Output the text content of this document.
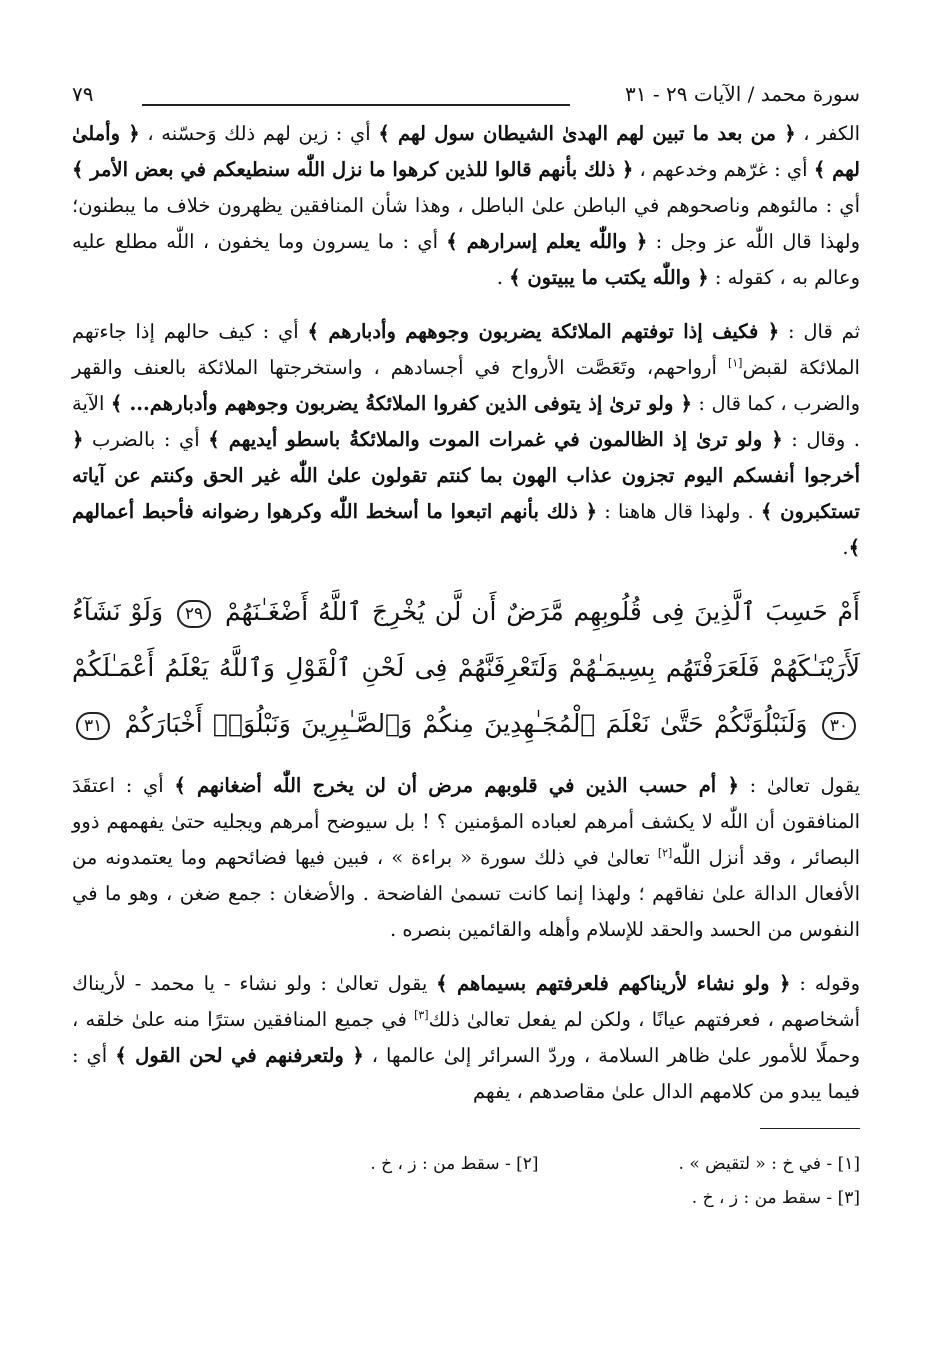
سورة محمد / الآيات ٢٩ - ٣١
٧٩

الكفر ، ﴿ من بعد ما تبين لهم الهدىٰ الشيطان سول لهم ﴾ أي : زين لهم ذلك وَحسّنه ، ﴿ وأملىٰ لهم ﴾ أي : غرّهم وخدعهم ، ﴿ ذلك بأنهم قالوا للذين كرهوا ما نزل اللّٰه سنطيعكم في بعض الأمر ﴾ أي : مالئوهم وناصحوهم في الباطن علىٰ الباطل ، وهذا شأن المنافقين يظهرون خلاف ما يبطنون؛ ولهذا قال اللّٰه عز وجل : ﴿ واللّٰه يعلم إسرارهم ﴾ أي : ما يسرون وما يخفون ، اللّٰه مطلع عليه وعالم به ، كقوله : ﴿ واللّٰه يكتب ما يبيتون ﴾ .

ثم قال : ﴿ فكيف إذا توفتهم الملائكة يضربون وجوههم وأدبارهم ﴾ أي : كيف حالهم إذا جاءتهم الملائكة لقبض[١] أرواحهم، وتَعَصَّت الأرواح في أجسادهم ، واستخرجتها الملائكة بالعنف والقهر والضرب ، كما قال : ﴿ ولو ترىٰ إذ يتوفى الذين كفروا الملائكةُ يضربون وجوههم وأدبارهم... ﴾ الآية . وقال : ﴿ ولو ترىٰ إذ الظالمون في غمرات الموت والملائكةُ باسطو أيديهم ﴾ أي : بالضرب ﴿ أخرجوا أنفسكم اليوم تجزون عذاب الهون بما كنتم تقولون علىٰ اللّٰه غير الحق وكنتم عن آياته تستكبرون ﴾ . ولهذا قال هاهنا : ﴿ ذلك بأنهم اتبعوا ما أسخط اللّٰه وكرهوا رضوانه فأحبط أعمالهم ﴾.

أَمْ حَسِبَ ٱلَّذِينَ فِى قُلُوبِهِم مَّرَضٌ أَن لَّن يُخْرِجَ ٱللَّهُ أَضْغَـٰنَهُمْ ٢٩ وَلَوْ نَشَآءُ
لَأَرَيْنَـٰكَهُمْ فَلَعَرَفْتَهُم بِسِيمَـٰهُمْ وَلَتَعْرِفَنَّهُمْ فِى لَحْنِ ٱلْقَوْلِ وَٱللَّهُ يَعْلَمُ أَعْمَـٰلَكُمْ
٣٠ وَلَنَبْلُوَنَّكُمْ حَتَّىٰ نَعْلَمَ ٱلْمُجَـٰهِدِينَ مِنكُمْ وَٱلصَّـٰبِرِينَ وَنَبْلُوَا۟ أَخْبَارَكُمْ ٣١

يقول تعالىٰ : ﴿ أم حسب الذين في قلوبهم مرض أن لن يخرج اللّٰه أضغانهم ﴾ أي : اعتقَدَ المنافقون أن اللّٰه لا يكشف أمرهم لعباده المؤمنين ؟ ! بل سيوضح أمرهم ويجليه حتىٰ يفهمهم ذوو البصائر ، وقد أنزل اللّٰه[٢] تعالىٰ في ذلك سورة « براءة » ، فبين فيها فضائحهم وما يعتمدونه من الأفعال الدالة علىٰ نفاقهم ؛ ولهذا إنما كانت تسمىٰ الفاضحة . والأضغان : جمع ضغن ، وهو ما في النفوس من الحسد والحقد للإسلام وأهله والقائمين بنصره .

وقوله : ﴿ ولو نشاء لأريناكهم فلعرفتهم بسيماهم ﴾ يقول تعالىٰ : ولو نشاء - يا محمد - لأريناك أشخاصهم ، فعرفتهم عيانًا ، ولكن لم يفعل تعالىٰ ذلك[٣] في جميع المنافقين سترًا منه علىٰ خلقه ، وحملًا للأمور علىٰ ظاهر السلامة ، وردّ السرائر إلىٰ عالمها ، ﴿ ولتعرفنهم في لحن القول ﴾ أي : فيما يبدو من كلامهم الدال علىٰ مقاصدهم ، يفهم

[١] - في خ : « لتقيض » .
[٢] - سقط من : ز ، خ .
[٣] - سقط من : ز ، خ .
